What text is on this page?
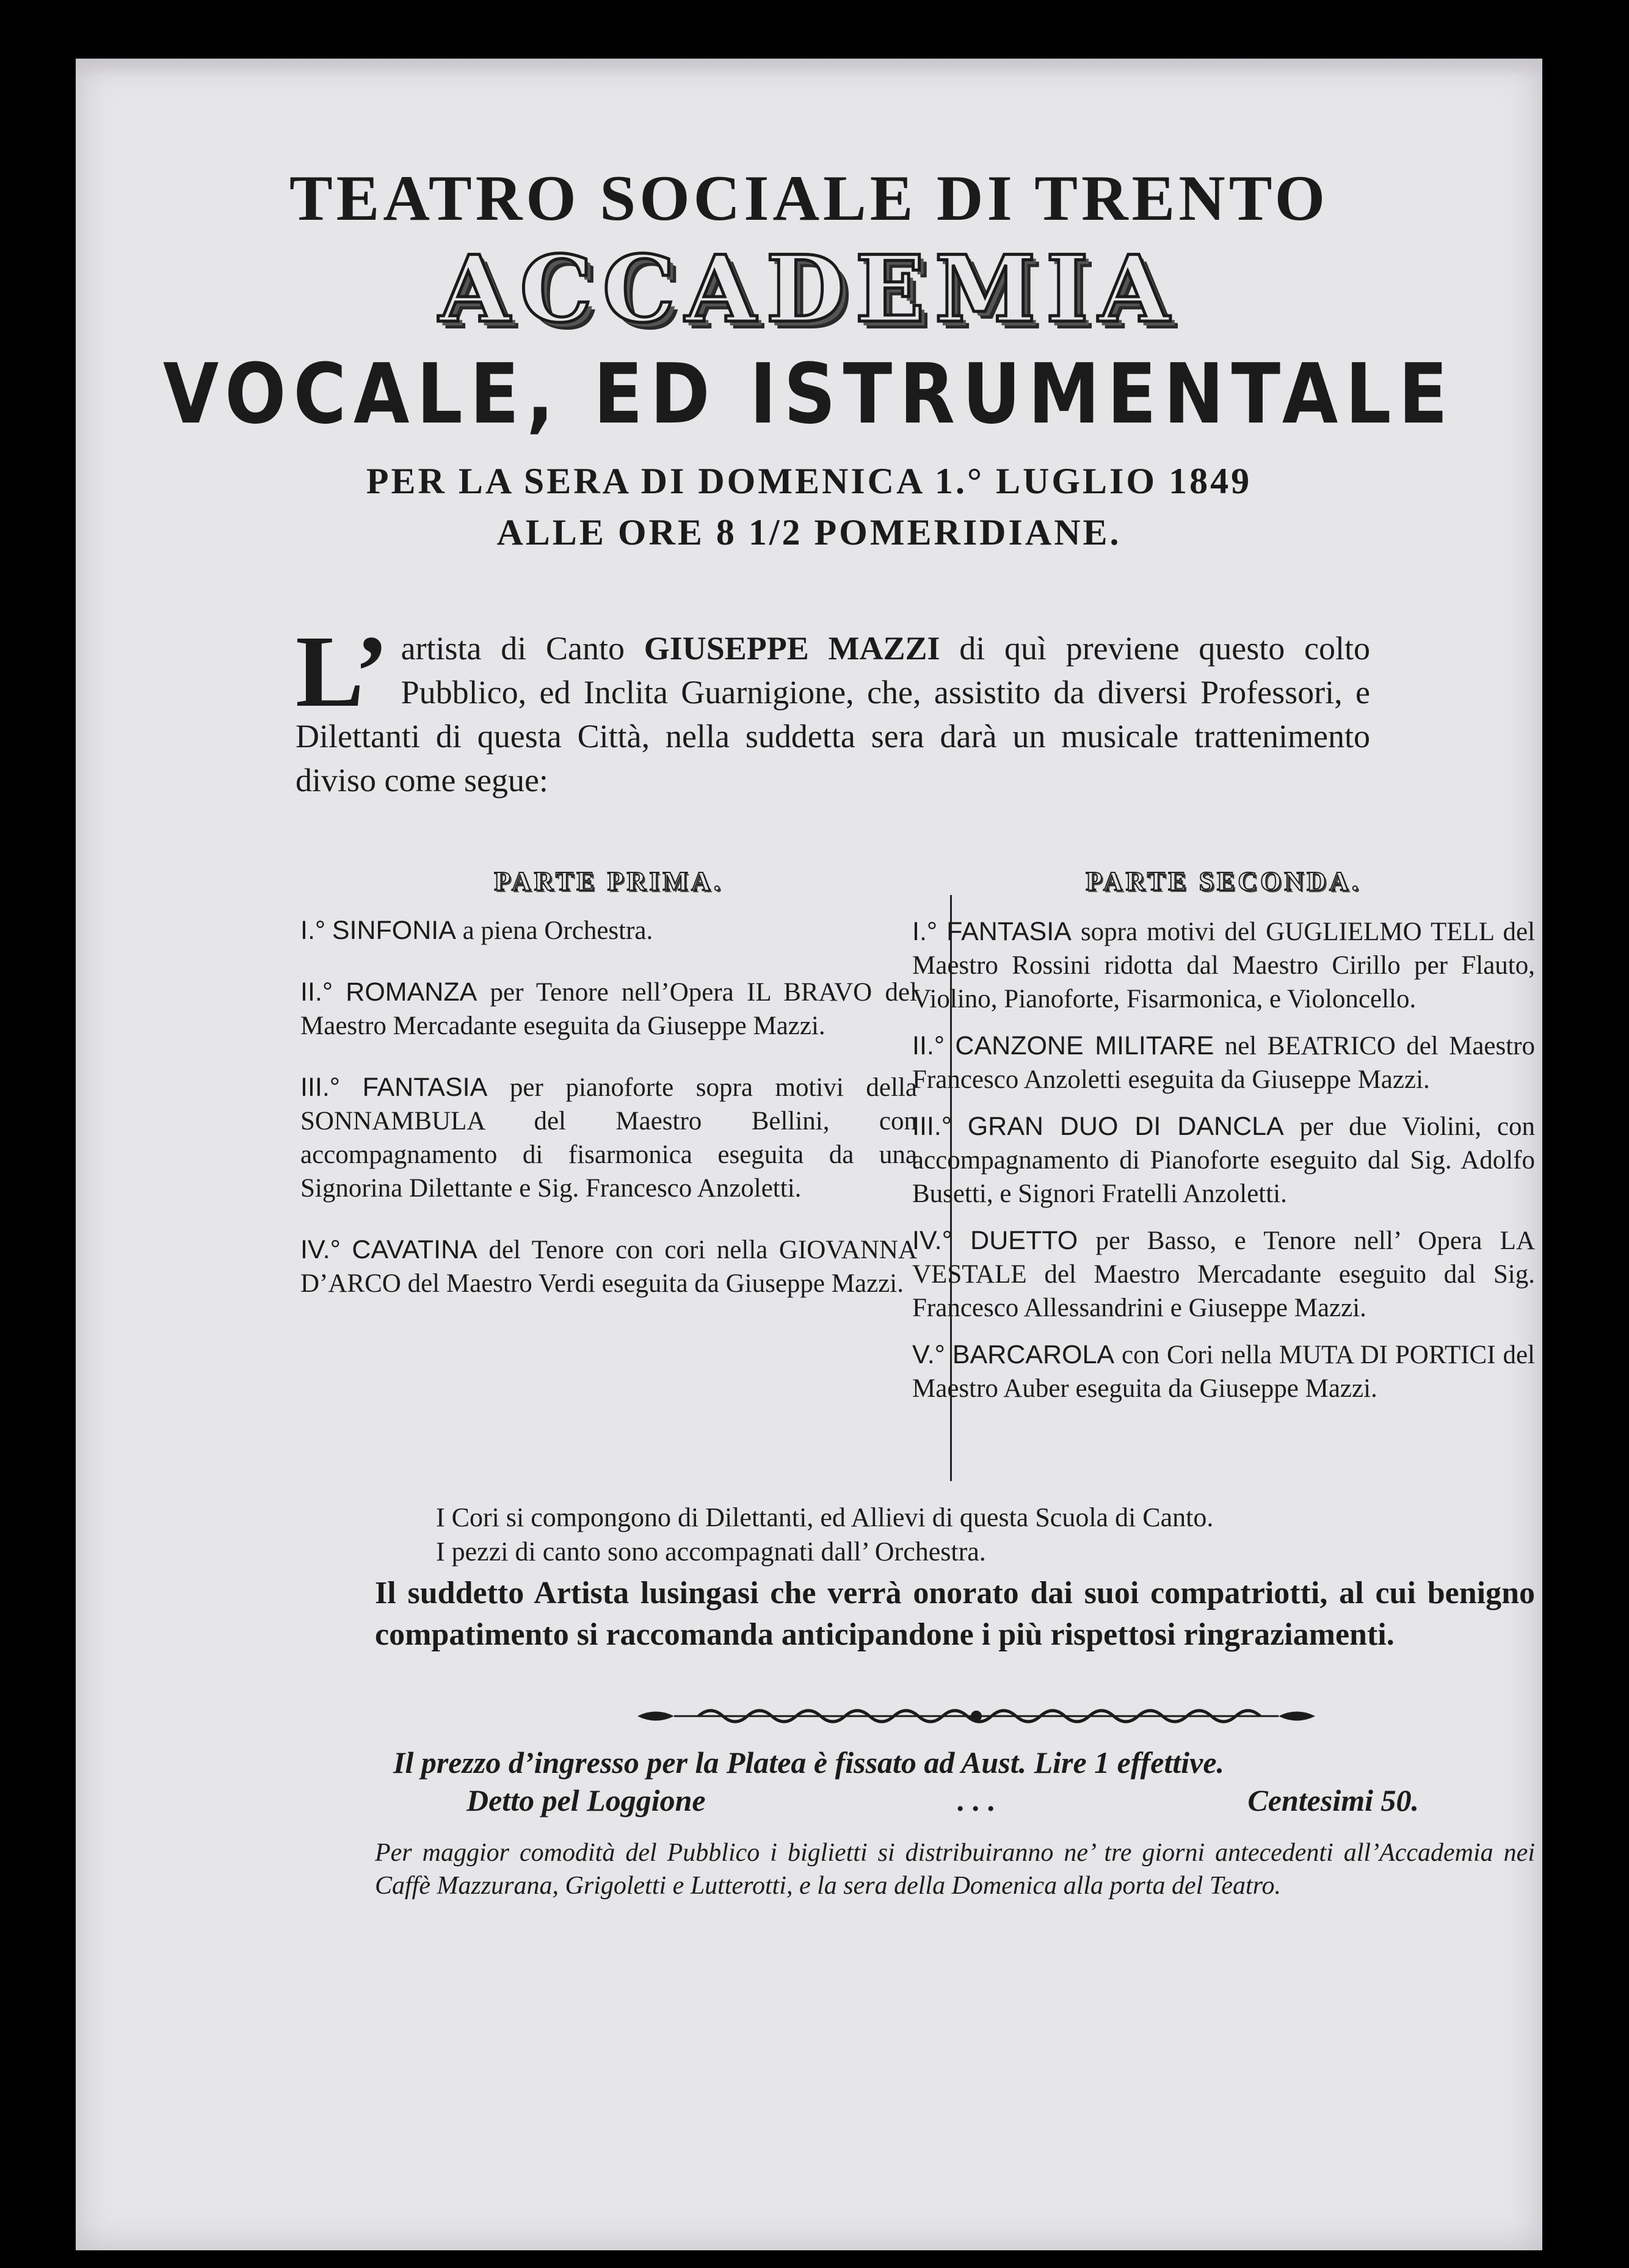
TEATRO SOCIALE DI TRENTO
ACCADEMIA
VOCALE, ED ISTRUMENTALE
PER LA SERA DI DOMENICA 1.° LUGLIO 1849
ALLE ORE 8 1/2 POMERIDIANE.

L’ artista di Canto GIUSEPPE MAZZI di quì previene questo colto Pubblico, ed Inclita Guarnigione, che, assistito da diversi Professori, e Dilettanti di questa Città, nella suddetta sera darà un musicale trattenimento diviso come segue:

PARTE PRIMA.
I.° SINFONIA a piena Orchestra.
II.° ROMANZA per Tenore nell’Opera IL BRAVO del Maestro Mercadante eseguita da Giuseppe Mazzi.
III.° FANTASIA per pianoforte sopra motivi della SONNAMBULA del Maestro Bellini, con accompagnamento di fisarmonica eseguita da una Signorina Dilettante e Sig. Francesco Anzoletti.
IV.° CAVATINA del Tenore con cori nella GIOVANNA D’ARCO del Maestro Verdi eseguita da Giuseppe Mazzi.
PARTE SECONDA.
I.° FANTASIA sopra motivi del GUGLIELMO TELL del Maestro Rossini ridotta dal Maestro Cirillo per Flauto, Violino, Pianoforte, Fisarmonica, e Violoncello.
II.° CANZONE MILITARE nel BEATRICO del Maestro Francesco Anzoletti eseguita da Giuseppe Mazzi.
III.° GRAN DUO DI DANCLA per due Violini, con accompagnamento di Pianoforte eseguito dal Sig. Adolfo Busetti, e Signori Fratelli Anzoletti.
IV.° DUETTO per Basso, e Tenore nell’ Opera LA VESTALE del Maestro Mercadante eseguito dal Sig. Francesco Allessandrini e Giuseppe Mazzi.
V.° BARCAROLA con Cori nella MUTA DI PORTICI del Maestro Auber eseguita da Giuseppe Mazzi.
I Cori si compongono di Dilettanti, ed Allievi di questa Scuola di Canto.
I pezzi di canto sono accompagnati dall’ Orchestra.

Il suddetto Artista lusingasi che verrà onorato dai suoi compatriotti, al cui benigno compatimento si raccomanda anticipandone i più rispettosi ringraziamenti.

Il prezzo d’ingresso per la Platea è fissato ad Aust. Lire 1 effettive.
Detto pel Loggione	. . .	Centesimi 50.

Per maggior comodità del Pubblico i biglietti si distribuiranno ne’ tre giorni antecedenti all’Accademia nei Caffè Mazzurana, Grigoletti e Lutterotti, e la sera della Domenica alla porta del Teatro.
